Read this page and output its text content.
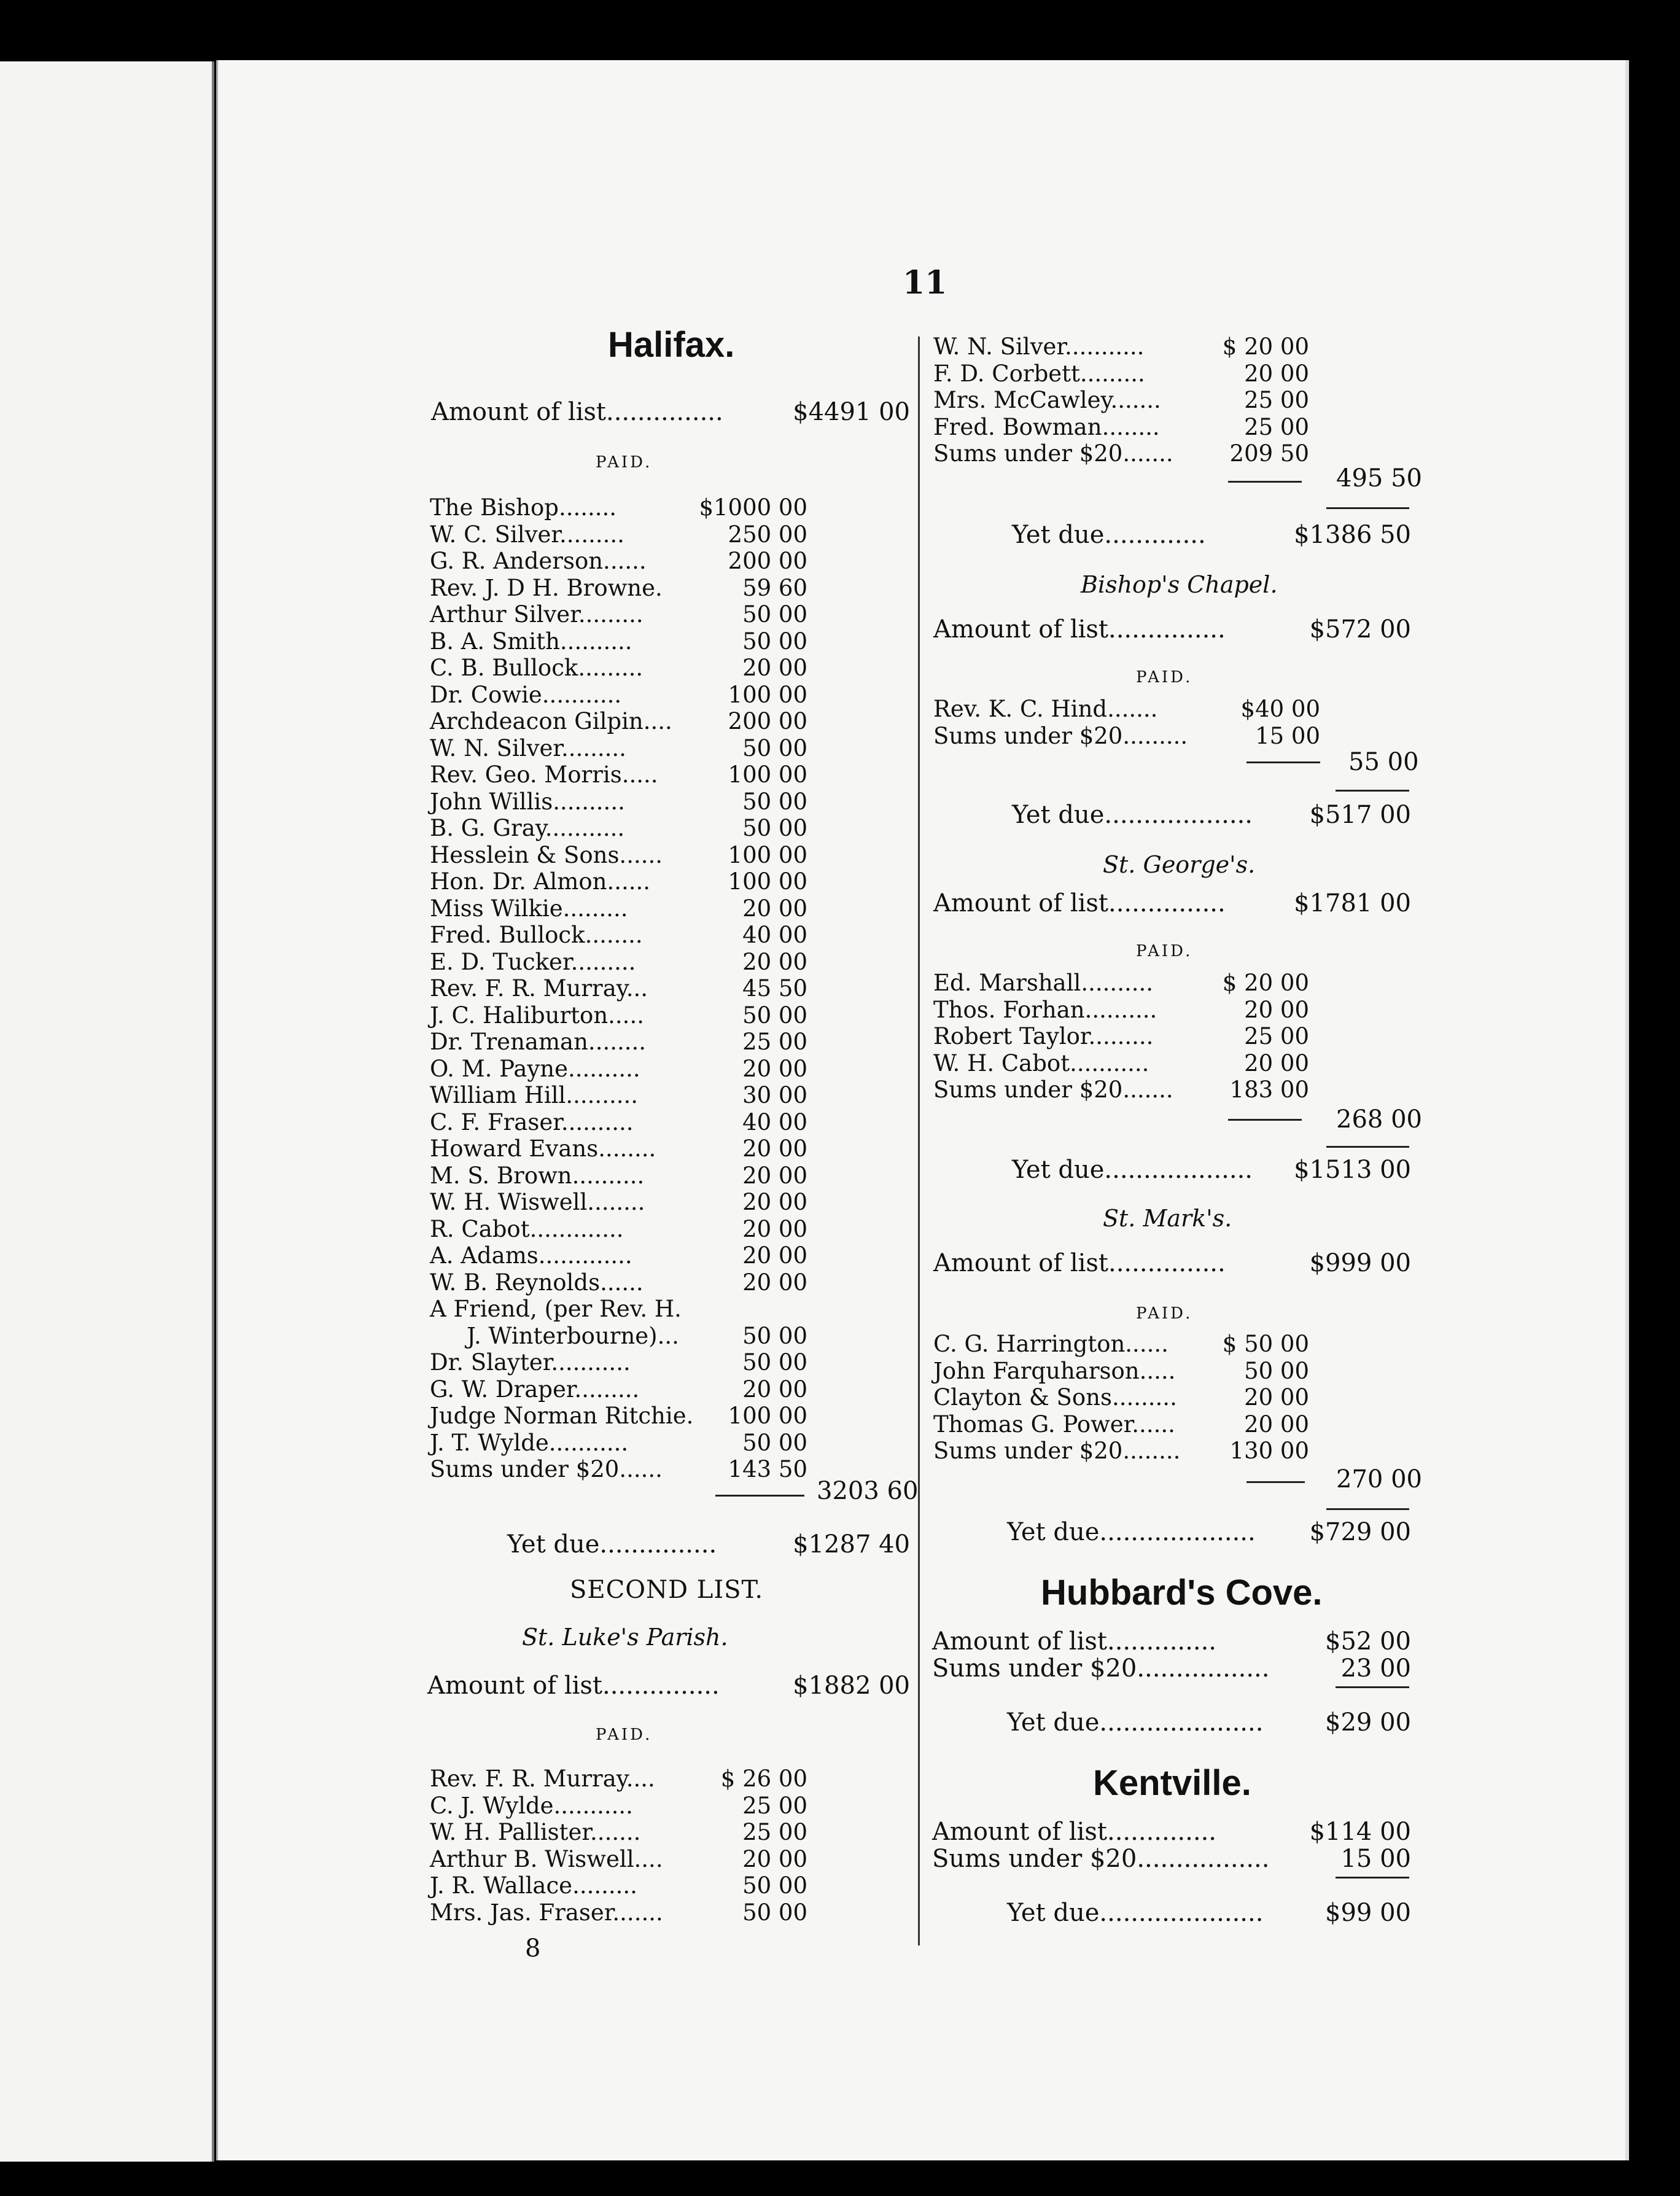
11
Halifax.
Amount of list...............	$4491 00
PAID.
The Bishop........	$1000 00
W. C. Silver.........	250 00
G. R. Anderson......	200 00
Rev. J. D H. Browne.	59 60
Arthur Silver.........	50 00
B. A. Smith..........	50 00
C. B. Bullock.........	20 00
Dr. Cowie...........	100 00
Archdeacon Gilpin.... 200 00
W. N. Silver.........	50 00
Rev. Geo. Morris.....	100 00
John Willis..........	50 00
B. G. Gray...........	50 00
Hesslein & Sons......	100 00
Hon. Dr. Almon......	100 00
Miss Wilkie.........	20 00
Fred. Bullock........	40 00
E. D. Tucker.........	20 00
Rev. F. R. Murray...	45 50
J. C. Haliburton.....	50 00
Dr. Trenaman........	25 00
O. M. Payne..........	20 00
William Hill..........	30 00
C. F. Fraser..........	40 00
Howard Evans........	20 00
M. S. Brown..........	20 00
W. H. Wiswell........	20 00
R. Cabot.............	20 00
A. Adams.............	20 00
W. B. Reynolds......	20 00
A Friend, (per Rev. H.
J. Winterbourne)...	50 00
Dr. Slayter...........	50 00
G. W. Draper.........	20 00
Judge Norman Ritchie. 100 00
J. T. Wylde...........	50 00
Sums under $20......	143 50
3203 60
Yet due...............	$1287 40
SECOND LIST.
St. Luke's Parish.
Amount of list...............	$1882 00
PAID.
Rev. F. R. Murray....	$ 26 00
C. J. Wylde...........	25 00
W. H. Pallister.......	25 00
Arthur B. Wiswell....	20 00
J. R. Wallace.........	50 00
Mrs. Jas. Fraser.......	50 00
8
W. N. Silver...........	$ 20 00
F. D. Corbett.........	20 00
Mrs. McCawley.......	25 00
Fred. Bowman........	25 00
Sums under $20....... 209 50
495 50
Yet due.............	$1386 50
Bishop's Chapel.
Amount of list...............	$572 00
PAID.
Rev. K. C. Hind.......	$40 00
Sums under $20.........	15 00
55 00
Yet due................... $517 00
St. George's.
Amount of list...............	$1781 00
PAID.
Ed. Marshall..........	$ 20 00
Thos. Forhan..........	20 00
Robert Taylor.........	25 00
W. H. Cabot...........	20 00
Sums under $20....... 183 00
268 00
Yet due................... $1513 00
St. Mark's.
Amount of list...............	$999 00
PAID.
C. G. Harrington...... $ 50 00
John Farquharson.....	50 00
Clayton & Sons.........	20 00
Thomas G. Power......	20 00
Sums under $20........ 130 00
270 00
Yet due.................... $729 00
Hubbard's Cove.
Amount of list..............	$52 00
Sums under $20.................	23 00
Yet due.....................	$29 00
Kentville.
Amount of list..............	$114 00
Sums under $20.................	15 00
Yet due.....................	$99 00
